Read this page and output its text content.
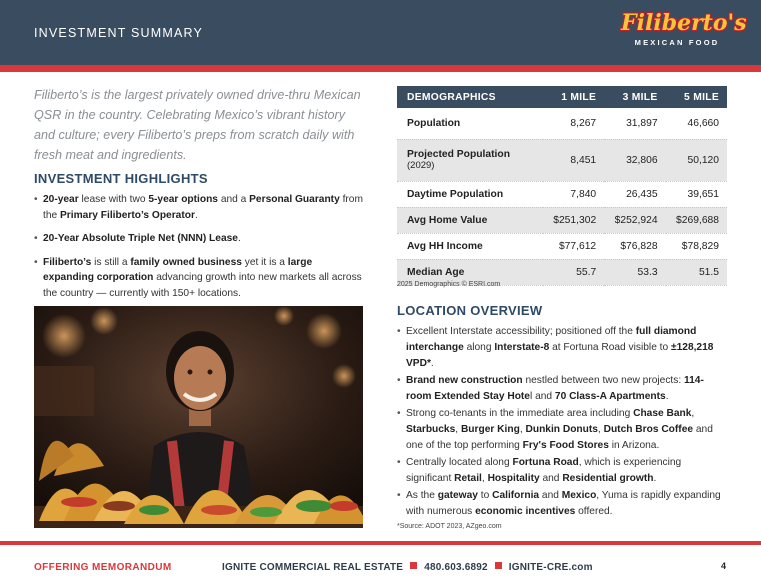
INVESTMENT SUMMARY	Filiberto's
MEXICAN FOOD

Filiberto’s is the largest privately owned drive-thru Mexican QSR in the country. Celebrating Mexico’s vibrant history and culture; every Filiberto’s preps from scratch daily with fresh meat and ingredients.

INVESTMENT HIGHLIGHTS
• 20-year lease with two 5-year options and a Personal Guaranty from the Primary Filiberto’s Operator.
• 20-Year Absolute Triple Net (NNN) Lease.
• Filiberto’s is still a family owned business yet it is a large expanding corporation advancing growth into new markets all across the country — currently with 150+ locations.
DEMOGRAPHICS	1 MILE	3 MILE	5 MILE
Population	8,267	31,897	46,660
Projected Population
(2029)	8,451	32,806	50,120
Daytime Population	7,840	26,435	39,651
Avg Home Value	$251,302	$252,924	$269,688
Avg HH Income	$77,612	$76,828	$78,829
Median Age	55.7	53.3	51.5
2025 Demographics © ESRI.com
LOCATION OVERVIEW
• Excellent Interstate accessibility; positioned off the full diamond interchange along Interstate-8 at Fortuna Road visible to ±128,218 VPD*.
• Brand new construction nestled between two new projects: 114-room Extended Stay Hotel and 70 Class-A Apartments.
• Strong co-tenants in the immediate area including Chase Bank, Starbucks, Burger King, Dunkin Donuts, Dutch Bros Coffee and one of the top performing Fry's Food Stores in Arizona.
• Centrally located along Fortuna Road, which is experiencing significant Retail, Hospitality and Residential growth.
• As the gateway to California and Mexico, Yuma is rapidly expanding with numerous economic incentives offered.
*Source: ADOT 2023, AZgeo.com
OFFERING MEMORANDUM	IGNITE COMMERCIAL REAL ESTATE 480.603.6892 IGNITE-CRE.com	4
